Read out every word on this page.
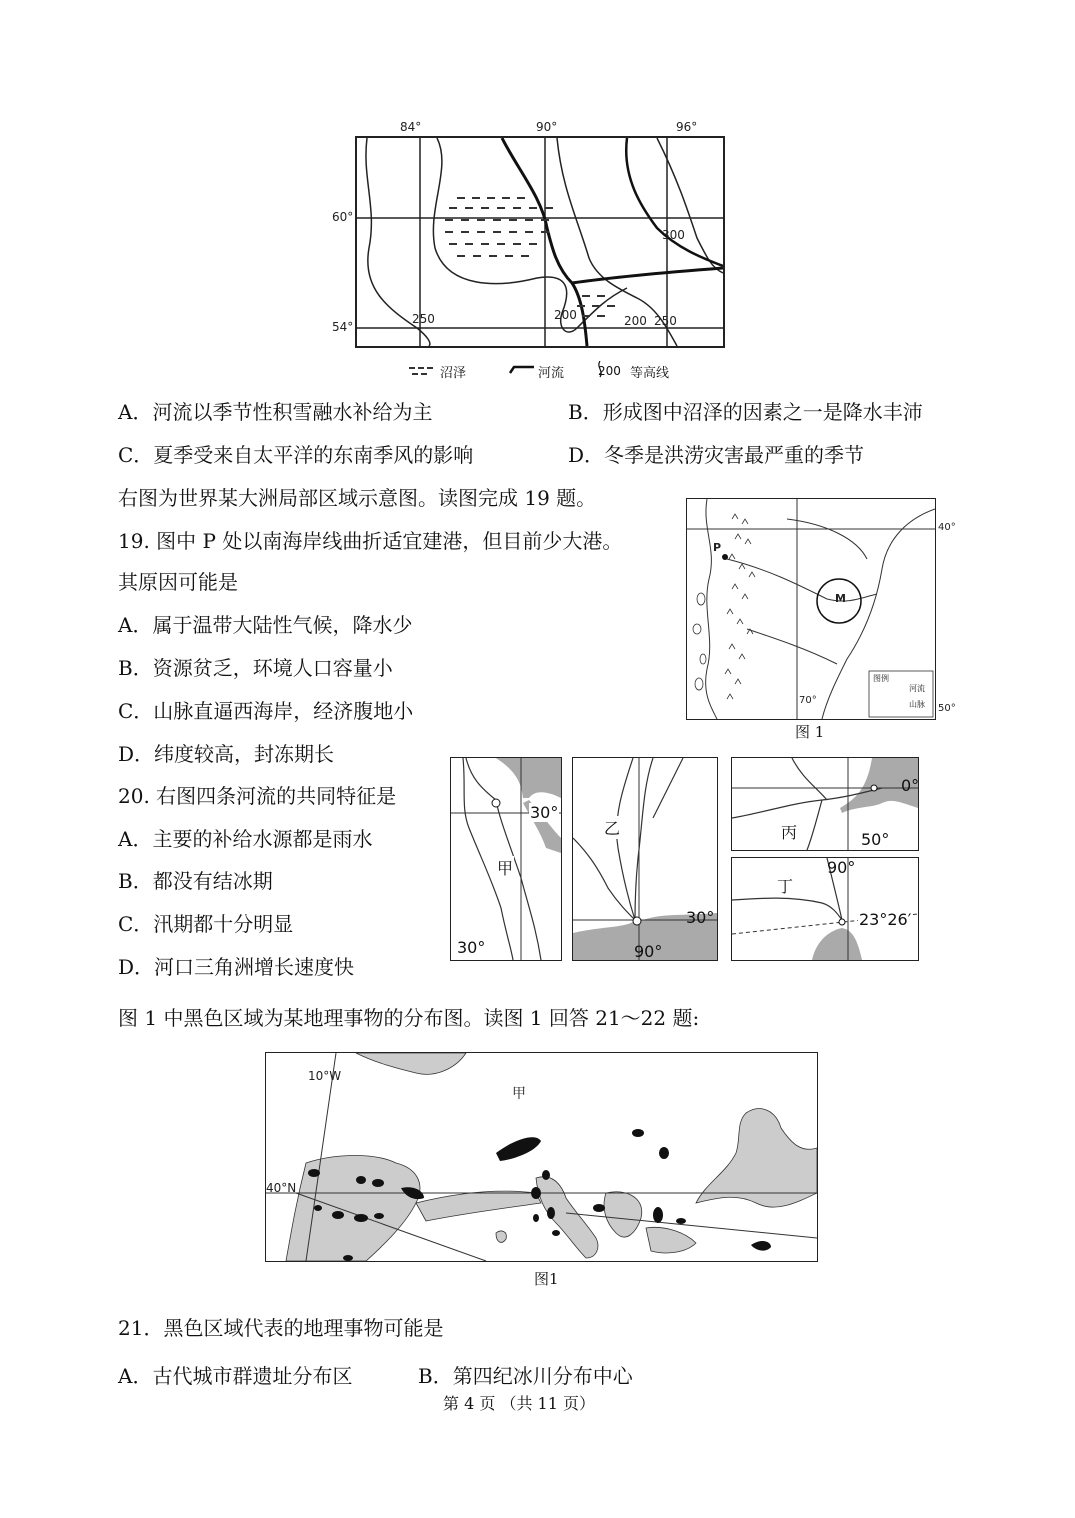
300
250	200	200 250
84°	90°	96°
60°
54°
沼泽	河流	200 等高线
A．河流以季节性积雪融水补给为主	B．形成图中沼泽的因素之一是降水丰沛
C．夏季受来自太平洋的东南季风的影响	D．冬季是洪涝灾害最严重的季节
右图为世界某大洲局部区域示意图。读图完成 19 题。
19. 图中 P 处以南海岸线曲折适宜建港，但目前少大港。
其原因可能是
A．属于温带大陆性气候，降水少
B．资源贫乏，环境人口容量小
C．山脉直逼西海岸，经济腹地小
D．纬度较高，封冻期长
P
M
70°
图例
河流
山脉
40°
50°
图 1
20. 右图四条河流的共同特征是
A．主要的补给水源都是雨水
B．都没有结冰期
C．汛期都十分明显
D．河口三角洲增长速度快
30°
甲
30°
乙
30°
90°
0°
丙	50°
90°
丁
23°26′
图 1 中黑色区域为某地理事物的分布图。读图 1 回答 21～22 题:
10°W
40°N
甲
图1
21．黑色区域代表的地理事物可能是
A．古代城市群遗址分布区	B．第四纪冰川分布中心
第 4 页 （共 11 页）
